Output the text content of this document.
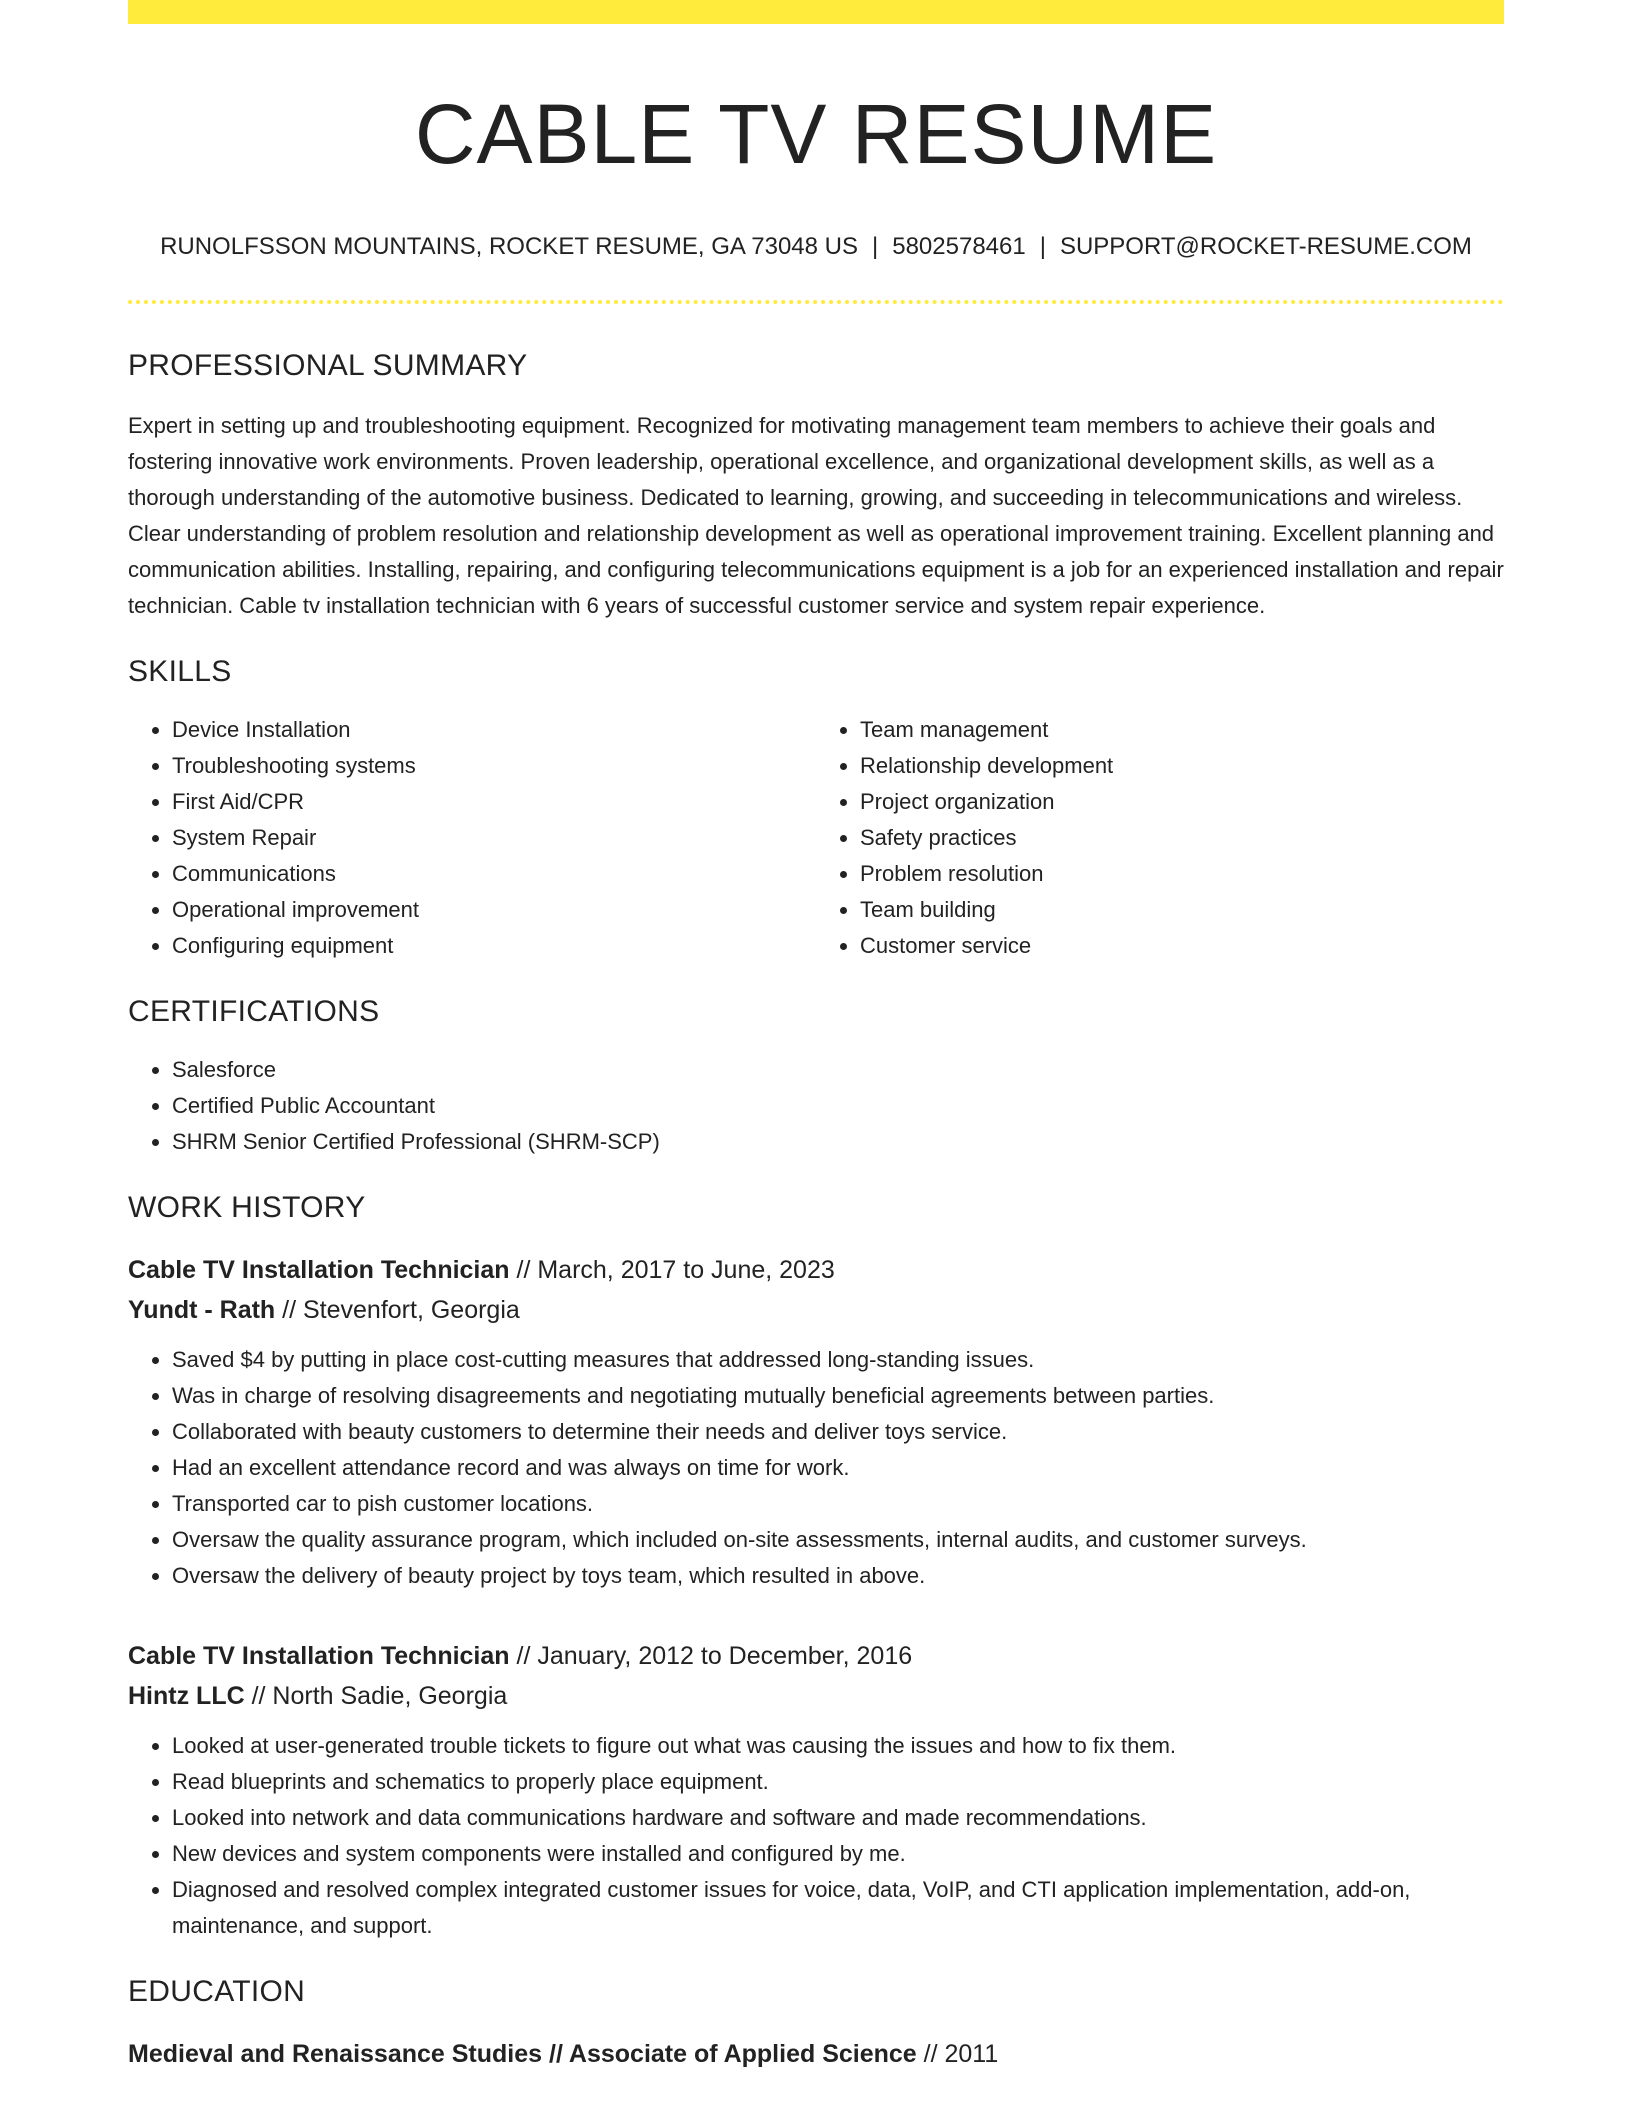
CABLE TV RESUME
RUNOLFSSON MOUNTAINS, ROCKET RESUME, GA 73048 US | 5802578461 | SUPPORT@ROCKET-RESUME.COM
PROFESSIONAL SUMMARY
Expert in setting up and troubleshooting equipment. Recognized for motivating management team members to achieve their goals and fostering innovative work environments. Proven leadership, operational excellence, and organizational development skills, as well as a thorough understanding of the automotive business. Dedicated to learning, growing, and succeeding in telecommunications and wireless. Clear understanding of problem resolution and relationship development as well as operational improvement training. Excellent planning and communication abilities. Installing, repairing, and configuring telecommunications equipment is a job for an experienced installation and repair technician. Cable tv installation technician with 6 years of successful customer service and system repair experience.
SKILLS
• Device Installation
• Troubleshooting systems
• First Aid/CPR
• System Repair
• Communications
• Operational improvement
• Configuring equipment
• Team management
• Relationship development
• Project organization
• Safety practices
• Problem resolution
• Team building
• Customer service
CERTIFICATIONS
• Salesforce
• Certified Public Accountant
• SHRM Senior Certified Professional (SHRM-SCP)
WORK HISTORY
Cable TV Installation Technician // March, 2017 to June, 2023
Yundt - Rath // Stevenfort, Georgia
• Saved $4 by putting in place cost-cutting measures that addressed long-standing issues.
• Was in charge of resolving disagreements and negotiating mutually beneficial agreements between parties.
• Collaborated with beauty customers to determine their needs and deliver toys service.
• Had an excellent attendance record and was always on time for work.
• Transported car to pish customer locations.
• Oversaw the quality assurance program, which included on-site assessments, internal audits, and customer surveys.
• Oversaw the delivery of beauty project by toys team, which resulted in above.
Cable TV Installation Technician // January, 2012 to December, 2016
Hintz LLC // North Sadie, Georgia
• Looked at user-generated trouble tickets to figure out what was causing the issues and how to fix them.
• Read blueprints and schematics to properly place equipment.
• Looked into network and data communications hardware and software and made recommendations.
• New devices and system components were installed and configured by me.
• Diagnosed and resolved complex integrated customer issues for voice, data, VoIP, and CTI application implementation, add-on, maintenance, and support.
EDUCATION
Medieval and Renaissance Studies // Associate of Applied Science // 2011
